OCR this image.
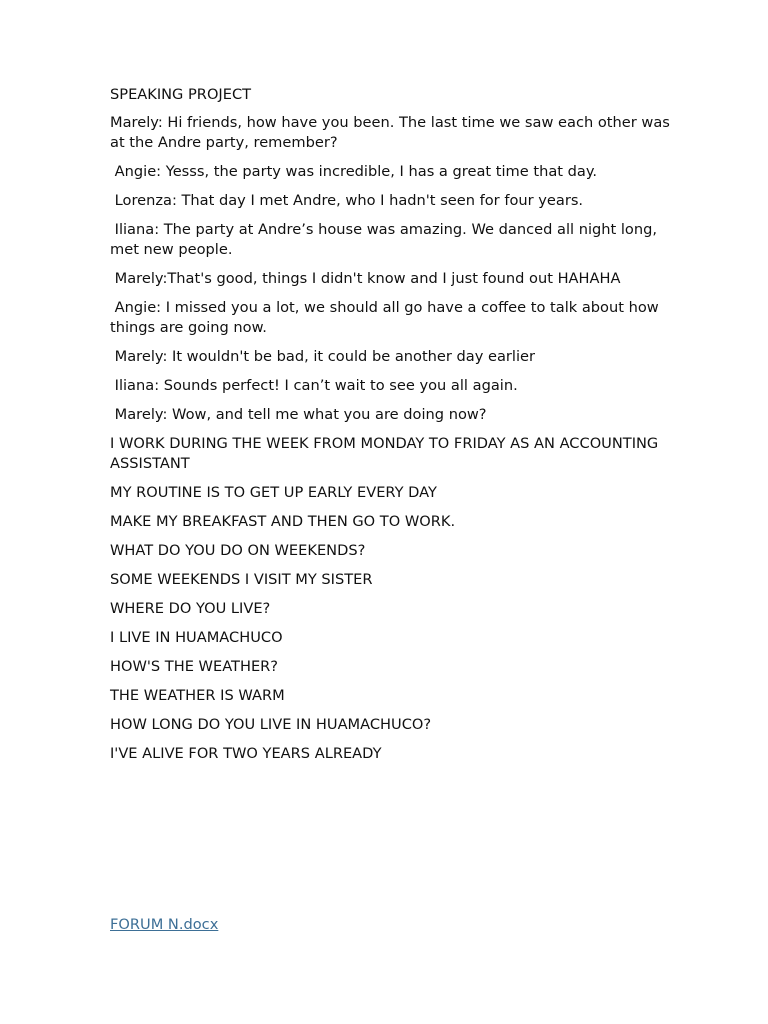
SPEAKING PROJECT

Marely: Hi friends, how have you been. The last time we saw each other was at the Andre party, remember?

Angie: Yesss, the party was incredible, I has a great time that day.

Lorenza: That day I met Andre, who I hadn't seen for four years.

Iliana: The party at Andre’s house was amazing. We danced all night long, met new people.

Marely:That's good, things I didn't know and I just found out HAHAHA

Angie: I missed you a lot, we should all go have a coffee to talk about how things are going now.

Marely: It wouldn't be bad, it could be another day earlier

Iliana: Sounds perfect! I can’t wait to see you all again.

Marely: Wow, and tell me what you are doing now?

I WORK DURING THE WEEK FROM MONDAY TO FRIDAY AS AN ACCOUNTING ASSISTANT

MY ROUTINE IS TO GET UP EARLY EVERY DAY

MAKE MY BREAKFAST AND THEN GO TO WORK.

WHAT DO YOU DO ON WEEKENDS?

SOME WEEKENDS I VISIT MY SISTER

WHERE DO YOU LIVE?

I LIVE IN HUAMACHUCO

HOW'S THE WEATHER?

THE WEATHER IS WARM

HOW LONG DO YOU LIVE IN HUAMACHUCO?

I'VE ALIVE FOR TWO YEARS ALREADY

FORUM N.docx
